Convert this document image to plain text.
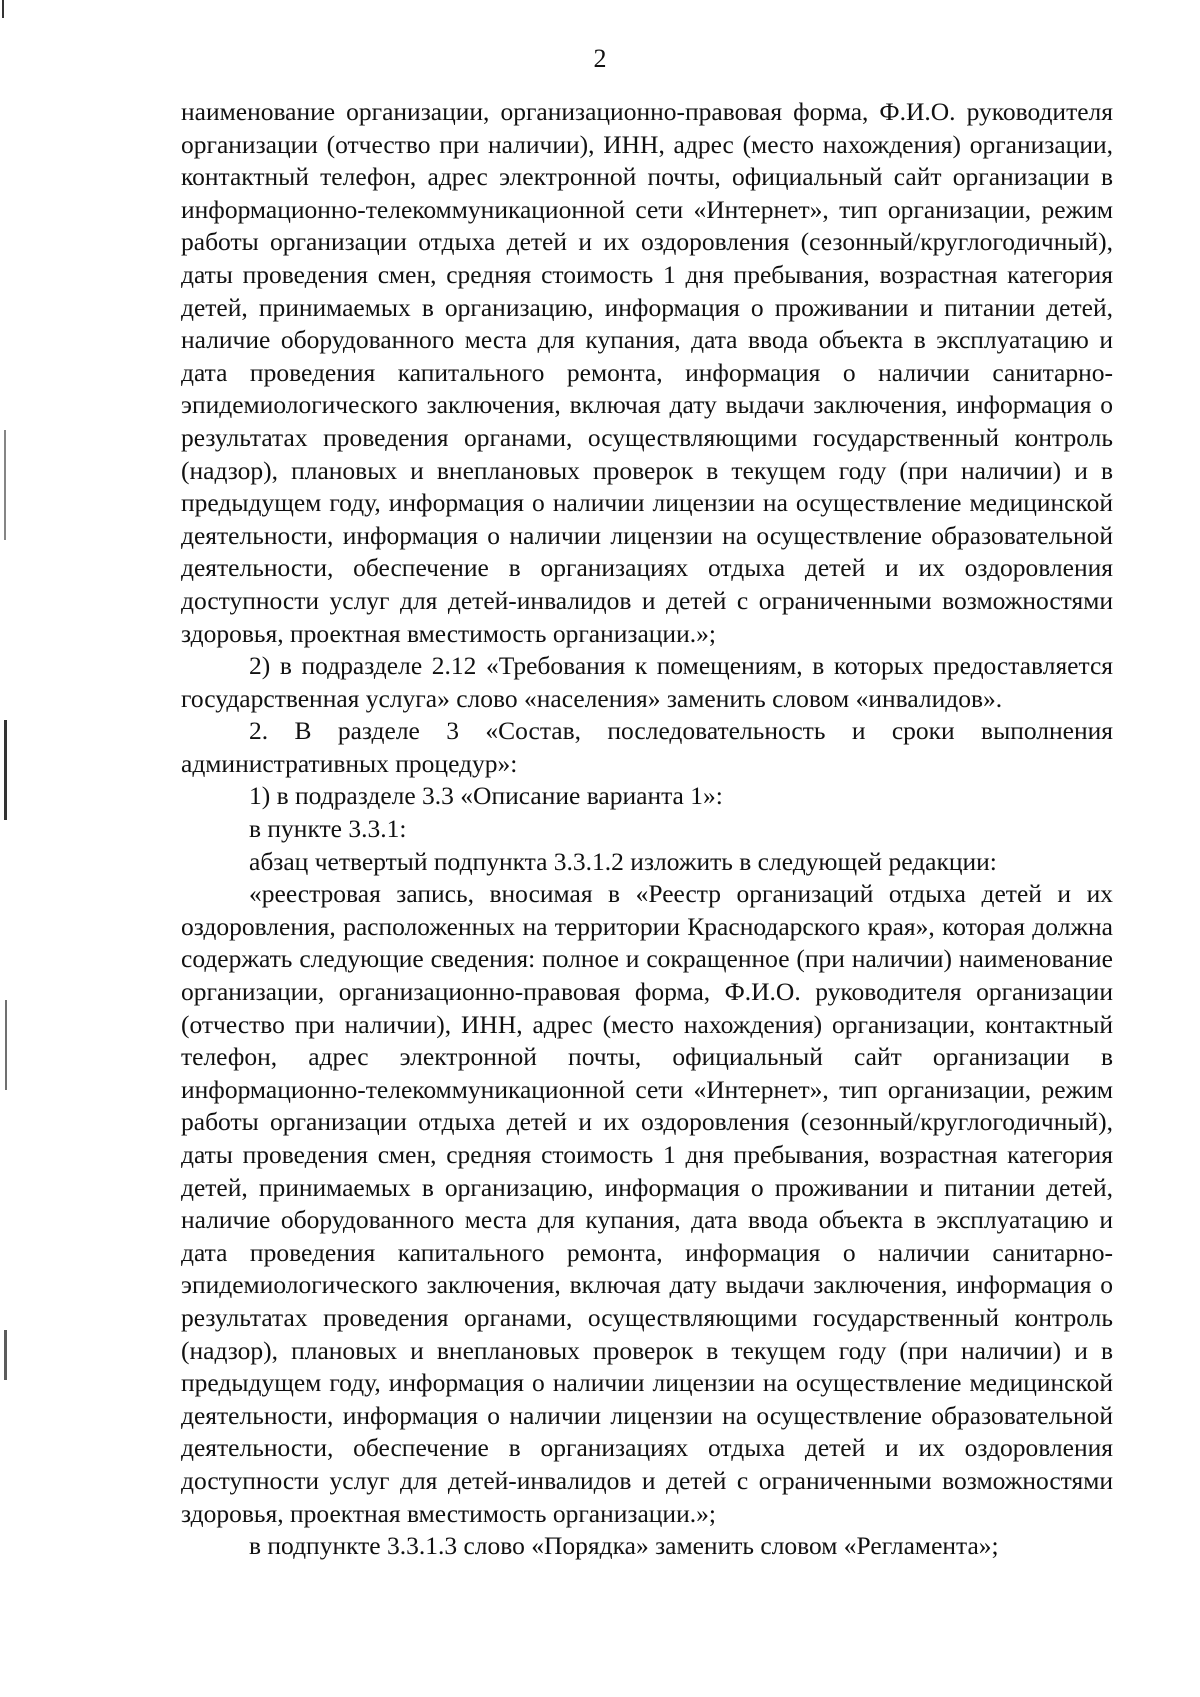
2

наименование организации, организационно-правовая форма, Ф.И.О. руководителя организации (отчество при наличии), ИНН, адрес (место нахождения) организации, контактный телефон, адрес электронной почты, официальный сайт организации в информационно-телекоммуникационной сети «Интернет», тип организации, режим работы организации отдыха детей и их оздоровления (сезонный/круглогодичный), даты проведения смен, средняя стоимость 1 дня пребывания, возрастная категория детей, принимаемых в организацию, информация о проживании и питании детей, наличие оборудованного места для купания, дата ввода объекта в эксплуатацию и дата проведения капитального ремонта, информация о наличии санитарно-эпидемиологического заключения, включая дату выдачи заключения, информация о результатах проведения органами, осуществляющими государственный контроль (надзор), плановых и внеплановых проверок в текущем году (при наличии) и в предыдущем году, информация о наличии лицензии на осуществление медицинской деятельности, информация о наличии лицензии на осуществление образовательной деятельности, обеспечение в организациях отдыха детей и их оздоровления доступности услуг для детей-инвалидов и детей с ограниченными возможностями здоровья, проектная вместимость организации.»;

2) в подразделе 2.12 «Требования к помещениям, в которых предоставляется государственная услуга» слово «населения» заменить словом «инвалидов».

2. В разделе 3 «Состав, последовательность и сроки выполнения административных процедур»:

1) в подразделе 3.3 «Описание варианта 1»:

в пункте 3.3.1:

абзац четвертый подпункта 3.3.1.2 изложить в следующей редакции:

«реестровая запись, вносимая в «Реестр организаций отдыха детей и их оздоровления, расположенных на территории Краснодарского края», которая должна содержать следующие сведения: полное и сокращенное (при наличии) наименование организации, организационно-правовая форма, Ф.И.О. руководителя организации (отчество при наличии), ИНН, адрес (место нахождения) организации, контактный телефон, адрес электронной почты, официальный сайт организации в информационно-телекоммуникационной сети «Интернет», тип организации, режим работы организации отдыха детей и их оздоровления (сезонный/круглогодичный), даты проведения смен, средняя стоимость 1 дня пребывания, возрастная категория детей, принимаемых в организацию, информация о проживании и питании детей, наличие оборудованного места для купания, дата ввода объекта в эксплуатацию и дата проведения капитального ремонта, информация о наличии санитарно-эпидемиологического заключения, включая дату выдачи заключения, информация о результатах проведения органами, осуществляющими государственный контроль (надзор), плановых и внеплановых проверок в текущем году (при наличии) и в предыдущем году, информация о наличии лицензии на осуществление медицинской деятельности, информация о наличии лицензии на осуществление образовательной деятельности, обеспечение в организациях отдыха детей и их оздоровления доступности услуг для детей-инвалидов и детей с ограниченными возможностями здоровья, проектная вместимость организации.»;

в подпункте 3.3.1.3 слово «Порядка» заменить словом «Регламента»;
